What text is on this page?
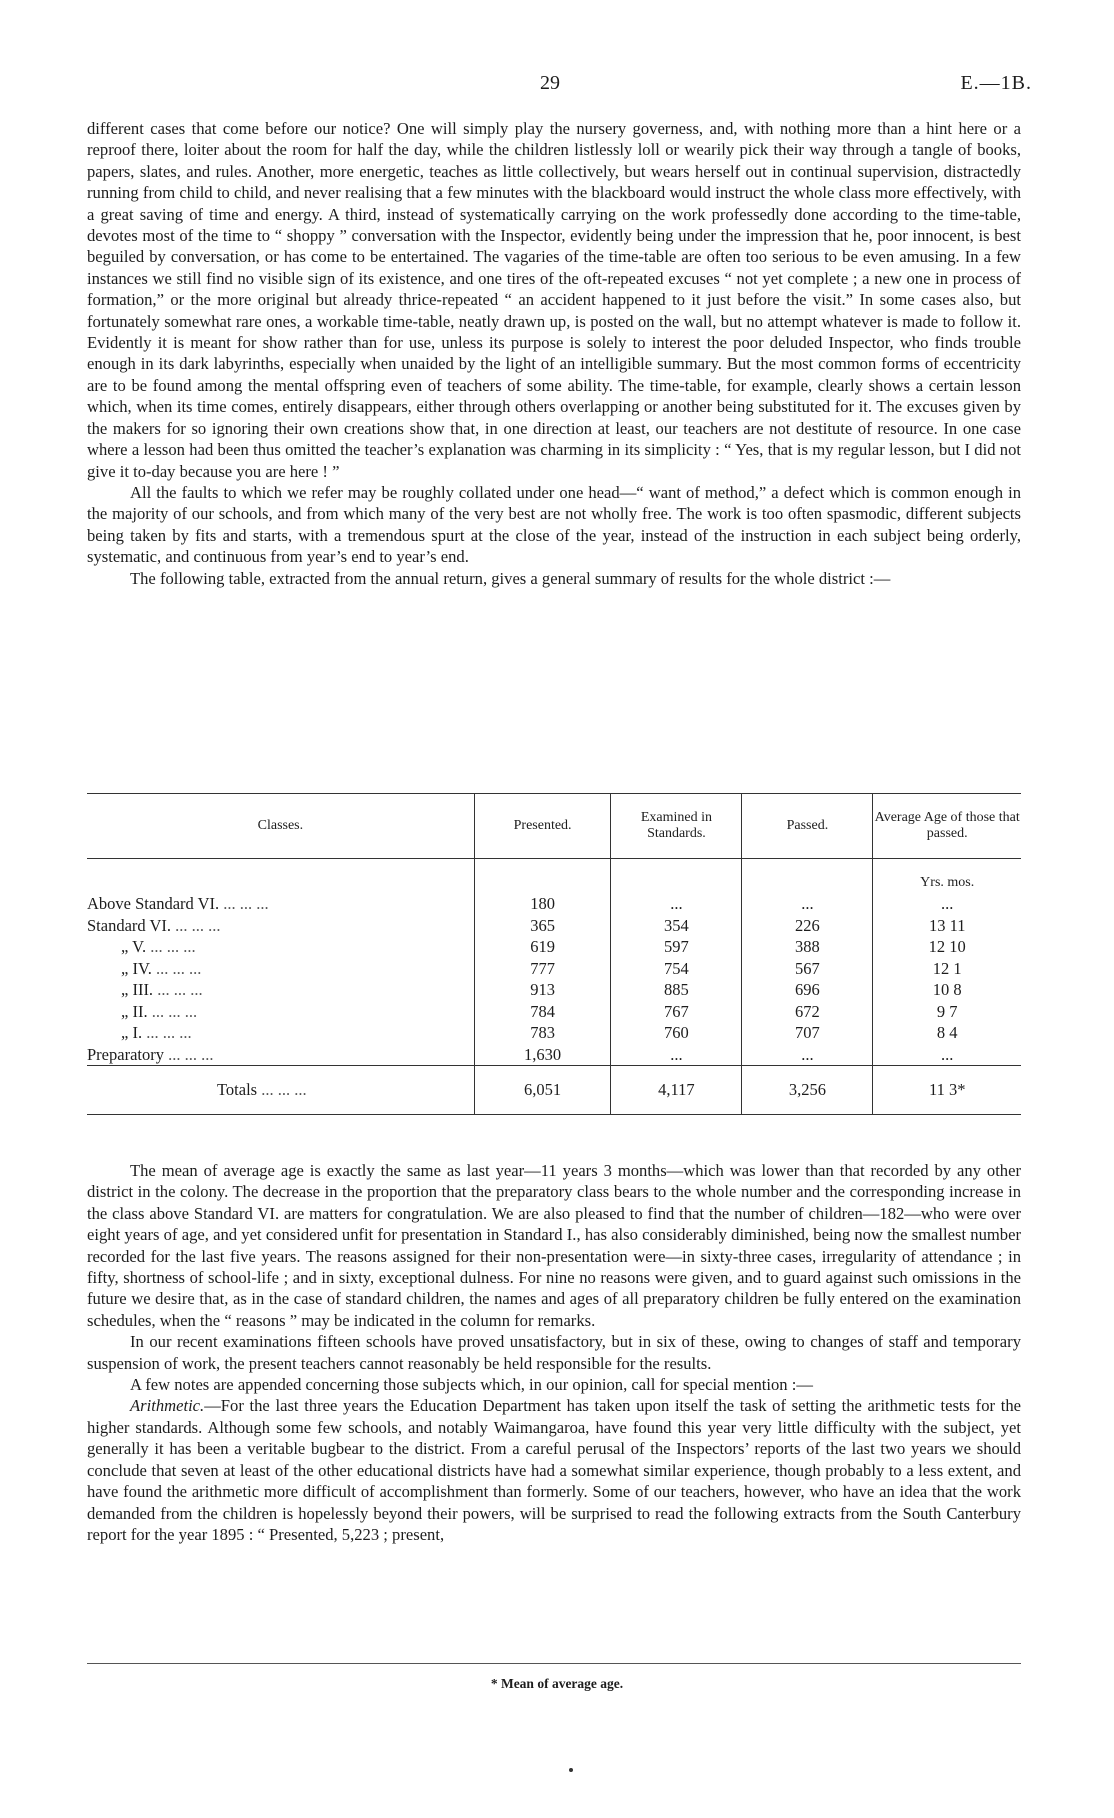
29	E.—1B.

different cases that come before our notice? One will simply play the nursery governess, and, with nothing more than a hint here or a reproof there, loiter about the room for half the day, while the children listlessly loll or wearily pick their way through a tangle of books, papers, slates, and rules. Another, more energetic, teaches as little collectively, but wears herself out in continual supervision, distractedly running from child to child, and never realising that a few minutes with the blackboard would instruct the whole class more effectively, with a great saving of time and energy. A third, instead of systematically carrying on the work professedly done according to the time-table, devotes most of the time to “ shoppy ” conversation with the Inspector, evidently being under the impression that he, poor innocent, is best beguiled by conversation, or has come to be entertained. The vagaries of the time-table are often too serious to be even amusing. In a few instances we still find no visible sign of its existence, and one tires of the oft-repeated excuses “ not yet complete ; a new one in process of formation,” or the more original but already thrice-repeated “ an accident happened to it just before the visit.” In some cases also, but fortunately somewhat rare ones, a workable time-table, neatly drawn up, is posted on the wall, but no attempt whatever is made to follow it. Evidently it is meant for show rather than for use, unless its purpose is solely to interest the poor deluded Inspector, who finds trouble enough in its dark labyrinths, especially when unaided by the light of an intelligible summary. But the most common forms of eccentricity are to be found among the mental offspring even of teachers of some ability. The time-table, for example, clearly shows a certain lesson which, when its time comes, entirely disappears, either through others overlapping or another being substituted for it. The excuses given by the makers for so ignoring their own creations show that, in one direction at least, our teachers are not destitute of resource. In one case where a lesson had been thus omitted the teacher’s explanation was charming in its simplicity : “ Yes, that is my regular lesson, but I did not give it to-day because you are here ! ”

All the faults to which we refer may be roughly collated under one head—“ want of method,” a defect which is common enough in the majority of our schools, and from which many of the very best are not wholly free. The work is too often spasmodic, different subjects being taken by fits and starts, with a tremendous spurt at the close of the year, instead of the instruction in each subject being orderly, systematic, and continuous from year’s end to year’s end.

The following table, extracted from the annual return, gives a general summary of results for the whole district :—

Classes.	Presented.	Examined in Standards.	Passed.	Average Age of those that passed.
				Yrs. mos.
Above Standard VI. ... ... ...	180	...	...	...
Standard VI. ... ... ...	365	354	226	13 11
„ V. ... ... ...	619	597	388	12 10
„ IV. ... ... ...	777	754	567	12 1
„ III. ... ... ...	913	885	696	10 8
„ II. ... ... ...	784	767	672	9 7
„ I. ... ... ...	783	760	707	8 4
Preparatory ... ... ...	1,630	...	...	...
Totals ... ... ...	6,051	4,117	3,256	11 3*

The mean of average age is exactly the same as last year—11 years 3 months—which was lower than that recorded by any other district in the colony. The decrease in the proportion that the preparatory class bears to the whole number and the corresponding increase in the class above Standard VI. are matters for congratulation. We are also pleased to find that the number of children—182—who were over eight years of age, and yet considered unfit for presentation in Standard I., has also considerably diminished, being now the smallest number recorded for the last five years. The reasons assigned for their non-presentation were—in sixty-three cases, irregularity of attendance ; in fifty, shortness of school-life ; and in sixty, exceptional dulness. For nine no reasons were given, and to guard against such omissions in the future we desire that, as in the case of standard children, the names and ages of all preparatory children be fully entered on the examination schedules, when the “ reasons ” may be indicated in the column for remarks.

In our recent examinations fifteen schools have proved unsatisfactory, but in six of these, owing to changes of staff and temporary suspension of work, the present teachers cannot reasonably be held responsible for the results.

A few notes are appended concerning those subjects which, in our opinion, call for special mention :—

Arithmetic.—For the last three years the Education Department has taken upon itself the task of setting the arithmetic tests for the higher standards. Although some few schools, and notably Waimangaroa, have found this year very little difficulty with the subject, yet generally it has been a veritable bugbear to the district. From a careful perusal of the Inspectors’ reports of the last two years we should conclude that seven at least of the other educational districts have had a somewhat similar experience, though probably to a less extent, and have found the arithmetic more difficult of accomplishment than formerly. Some of our teachers, however, who have an idea that the work demanded from the children is hopelessly beyond their powers, will be surprised to read the following extracts from the South Canterbury report for the year 1895 : “ Presented, 5,223 ; present,

* Mean of average age.
